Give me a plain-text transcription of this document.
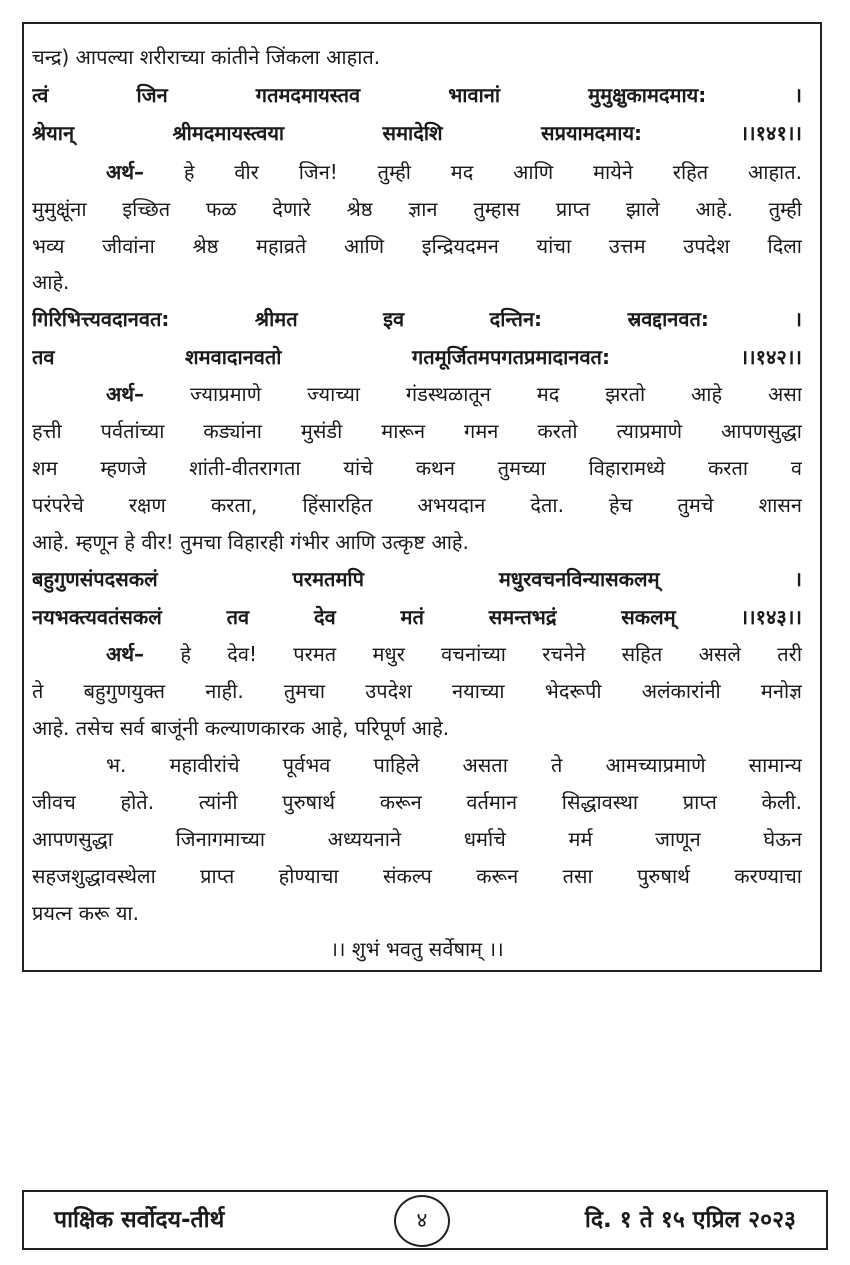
चन्द्र) आपल्या शरीराच्या कांतीने जिंकला आहात.
त्वं जिन गतमदमायस्तव भावानां मुमुक्षुकामदमाय: ।
श्रेयान् श्रीमदमायस्त्वया समादेशि सप्रयामदमाय: ।।१४१।।
अर्थ– हे वीर जिन! तुम्ही मद आणि मायेने रहित आहात.
मुमुक्षूंना इच्छित फळ देणारे श्रेष्ठ ज्ञान तुम्हास प्राप्त झाले आहे. तुम्ही
भव्य जीवांना श्रेष्ठ महाव्रते आणि इन्द्रियदमन यांचा उत्तम उपदेश दिला
आहे.
गिरिभित्त्यवदानवत: श्रीमत इव दन्तिन: स्रवद्दानवत: ।
तव शमवादानवतो गतमूर्जितमपगतप्रमादानवत: ।।१४२।।
अर्थ– ज्याप्रमाणे ज्याच्या गंडस्थळातून मद झरतो आहे असा
हत्ती पर्वतांच्या कड्यांना मुसंडी मारून गमन करतो त्याप्रमाणे आपणसुद्धा
शम म्हणजे शांती-वीतरागता यांचे कथन तुमच्या विहारामध्ये करता व
परंपरेचे रक्षण करता, हिंसारहित अभयदान देता. हेच तुमचे शासन
आहे. म्हणून हे वीर! तुमचा विहारही गंभीर आणि उत्कृष्ट आहे.
बहुगुणसंपदसकलं परमतमपि मधुरवचनविन्यासकलम् ।
नयभक्त्यवतंसकलं तव देव मतं समन्तभद्रं सकलम् ।।१४३।।
अर्थ– हे देव! परमत मधुर वचनांच्या रचनेने सहित असले तरी
ते बहुगुणयुक्त नाही. तुमचा उपदेश नयाच्या भेदरूपी अलंकारांनी मनोज्ञ
आहे. तसेच सर्व बाजूंनी कल्याणकारक आहे, परिपूर्ण आहे.
भ. महावीरांचे पूर्वभव पाहिले असता ते आमच्याप्रमाणे सामान्य
जीवच होते. त्यांनी पुरुषार्थ करून वर्तमान सिद्धावस्था प्राप्त केली.
आपणसुद्धा जिनागमाच्या अध्ययनाने धर्माचे मर्म जाणून घेऊन
सहजशुद्धावस्थेला प्राप्त होण्याचा संकल्प करून तसा पुरुषार्थ करण्याचा
प्रयत्न करू या.
।। शुभं भवतु सर्वेषाम् ।।
पाक्षिक सर्वोदय-तीर्थ	४	दि. १ ते १५ एप्रिल २०२३
